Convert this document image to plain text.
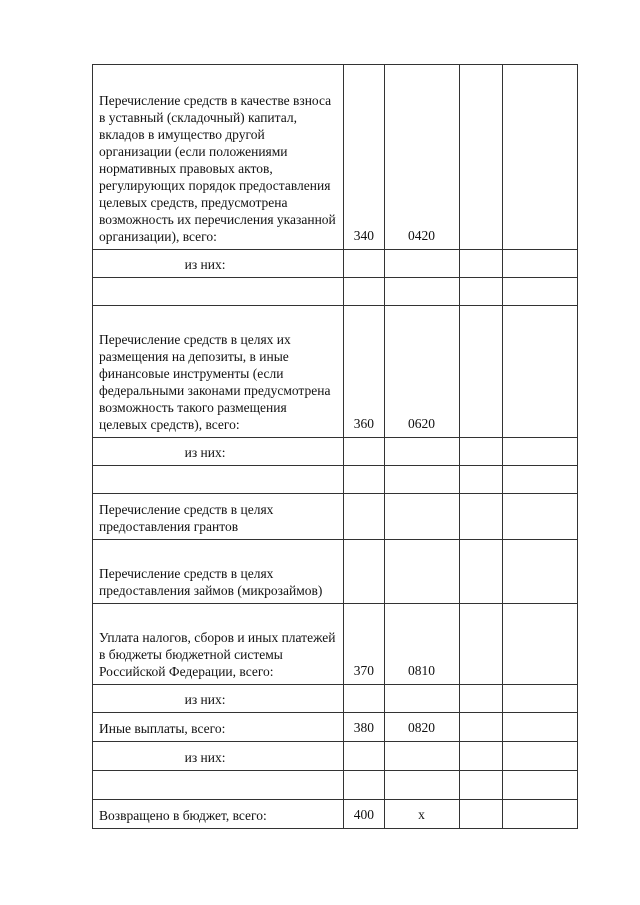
Перечисление средств в качестве взноса в уставный (складочный) капитал, вкладов в имущество другой организации (если положениями нормативных правовых актов, регулирующих порядок предоставления целевых средств, предусмотрена возможность их перечисления указанной организации), всего:	340	0420		

из них:				

Перечисление средств в целях их размещения на депозиты, в иные финансовые инструменты (если федеральными законами предусмотрена возможность такого размещения целевых средств), всего:	360	0620		

из них:				

Перечисление средств в целях предоставления грантов				

Перечисление средств в целях предоставления займов (микрозаймов)				

Уплата налогов, сборов и иных платежей в бюджеты бюджетной системы Российской Федерации, всего:	370	0810		

из них:				

Иные выплаты, всего:	380	0820		

из них:				

Возвращено в бюджет, всего:	400	x		
